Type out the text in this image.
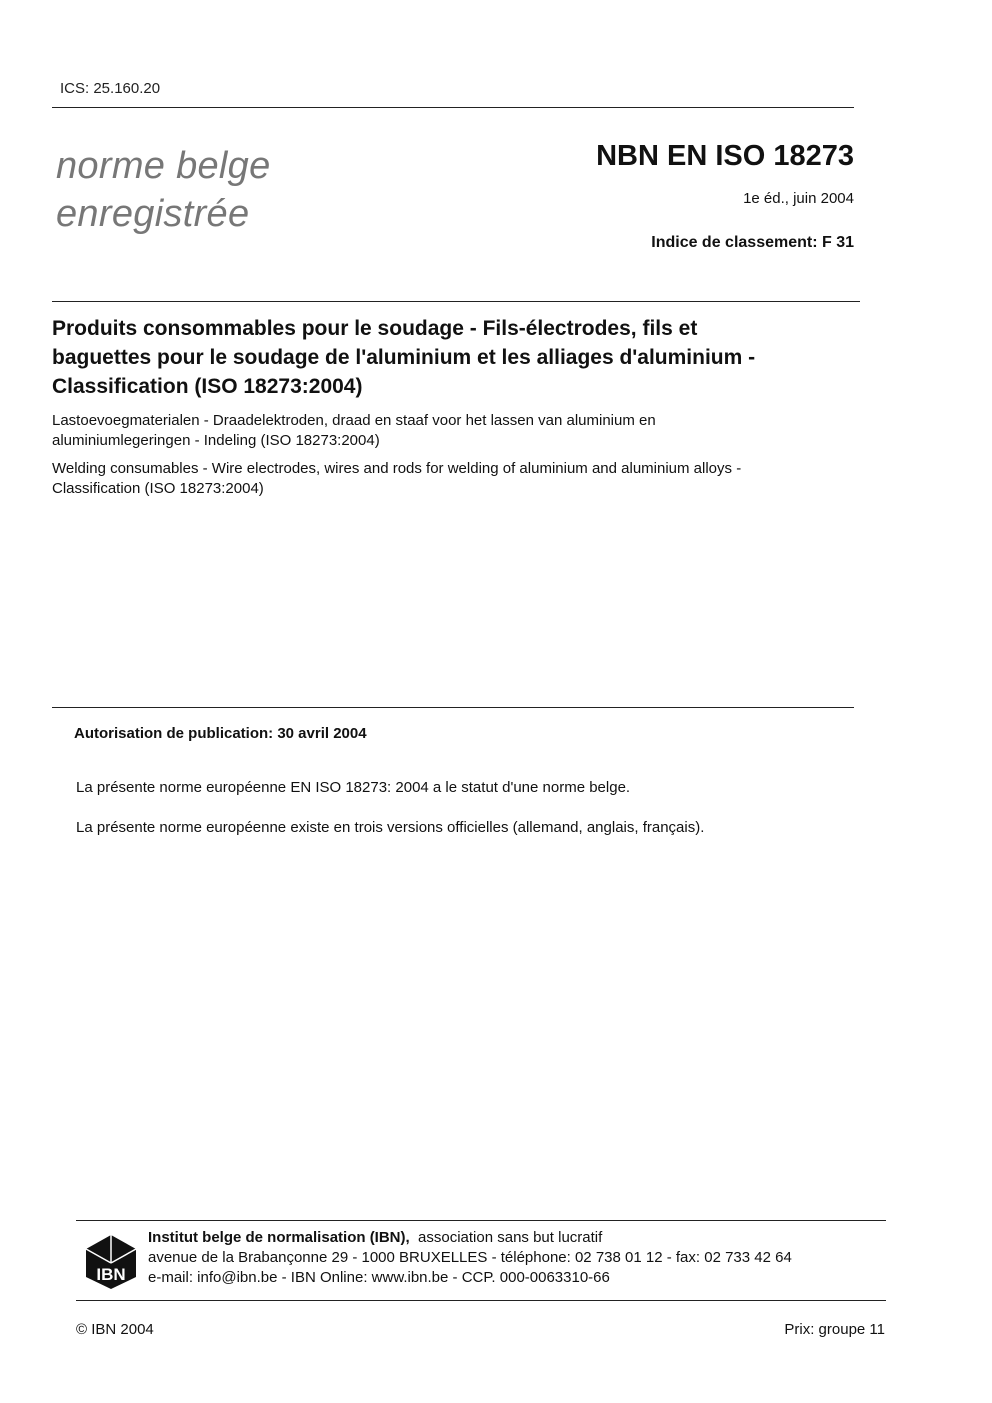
ICS: 25.160.20
norme belge
enregistrée
NBN EN ISO 18273
1e éd., juin 2004
Indice de classement: F 31
Produits consommables pour le soudage - Fils-électrodes, fils et
baguettes pour le soudage de l'aluminium et les alliages d'aluminium -
Classification (ISO 18273:2004)
Lastoevoegmaterialen - Draadelektroden, draad en staaf voor het lassen van aluminium en
aluminiumlegeringen - Indeling (ISO 18273:2004)
Welding consumables - Wire electrodes, wires and rods for welding of aluminium and aluminium alloys -
Classification (ISO 18273:2004)
Autorisation de publication: 30 avril 2004
La présente norme européenne EN ISO 18273: 2004 a le statut d'une norme belge.
La présente norme européenne existe en trois versions officielles (allemand, anglais, français).
IBN
Institut belge de normalisation (IBN), association sans but lucratif
avenue de la Brabançonne 29 - 1000 BRUXELLES - téléphone: 02 738 01 12 - fax: 02 733 42 64
e-mail: info@ibn.be - IBN Online: www.ibn.be - CCP. 000-0063310-66
© IBN 2004	Prix: groupe 11
